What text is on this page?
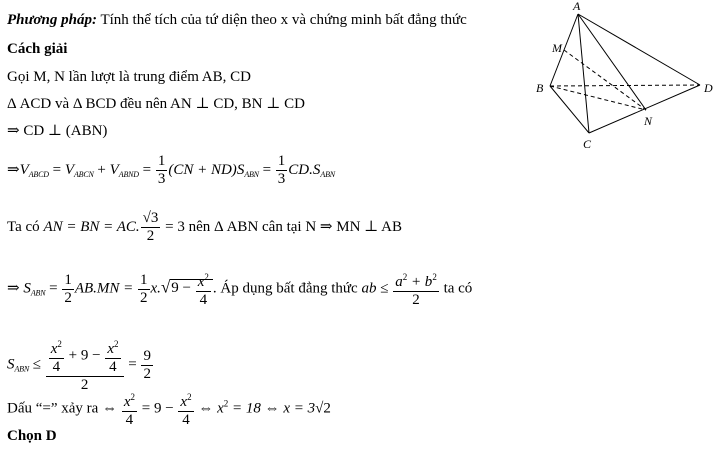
Phương pháp: Tính thể tích của tứ diện theo x và chứng minh bất đẳng thức
Cách giải
Gọi M, N lần lượt là trung điểm AB, CD
Δ ACD và Δ BCD đều nên AN ⊥ CD, BN ⊥ CD
⇒ CD ⊥ (ABN)
$\Rightarrow V_{ABCD} = V_{ABCN} + V_{ABND} = \frac{1}{3} (CN + ND)S_{ABN} = \frac{1}{3} CD.S_{ABN}$
Ta có AN = BN = AC. $\frac{√3}{2} = 3$ nên Δ ABN cân tại N ⇒ MN ⊥ AB
⇒ $S_{ABN} = \frac{1}{2} AB.MN = \frac{1}{2} x.√9 - \frac{x^2}{4}$ . Áp dụng bất đẳng thức ab ≤ $\frac{a^2 + b^2}{2}$ ta có
$S_{ABN} \le \frac{\frac{x^2}{4} + 9 - \frac{x^2}{4}}{2} = \frac{9}{2}$
Dấu “=” xảy ra ⇔ $\frac{x^2}{4} = 9 - \frac{x^2}{4}$ ⇔ $x^2 = 18$ ⇔ x = 3√2
Chọn D
A
B
C
D
M
N
